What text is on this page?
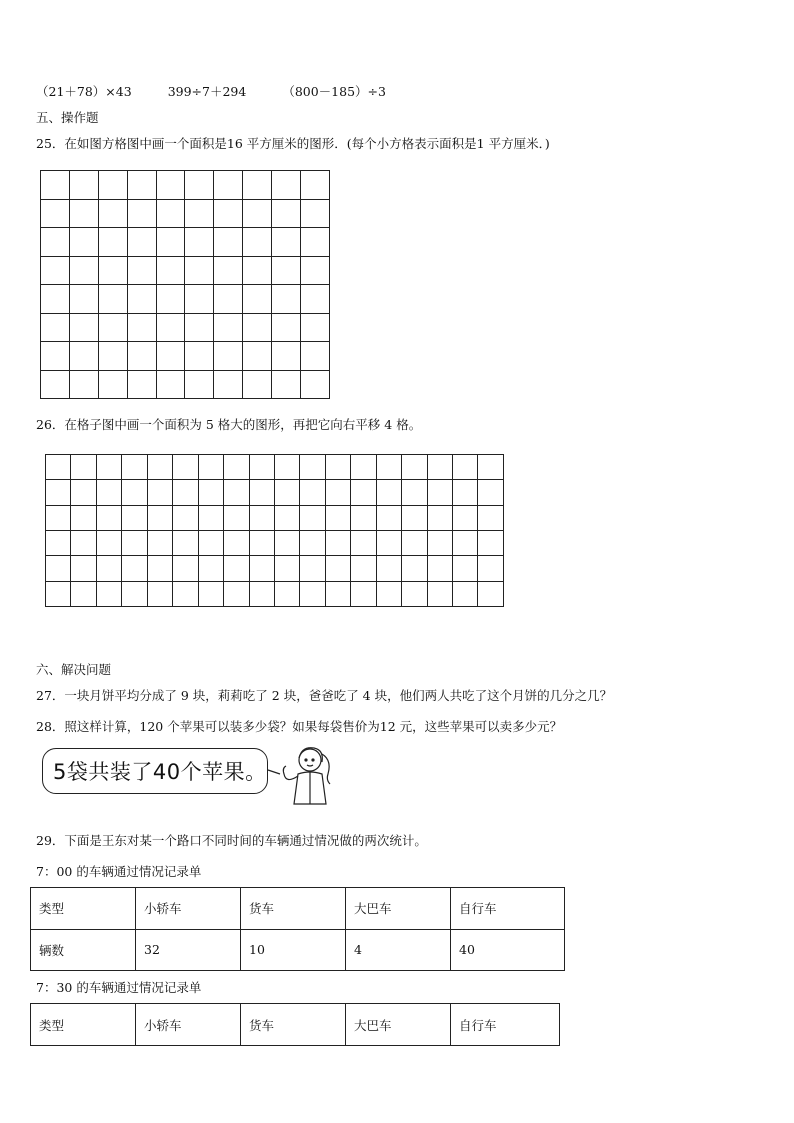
（21＋78）×43	399÷7＋294	（800－185）÷3
五、操作题
25．在如图方格图中画一个面积是16 平方厘米的图形．(每个小方格表示面积是1 平方厘米．)

26．在格子图中画一个面积为 5 格大的图形，再把它向右平移 4 格。

六、解决问题
27．一块月饼平均分成了 9 块，莉莉吃了 2 块，爸爸吃了 4 块，他们两人共吃了这个月饼的几分之几？
28．照这样计算，120 个苹果可以装多少袋？如果每袋售价为12 元，这些苹果可以卖多少元？
5袋共装了40个苹果。
29．下面是王东对某一个路口不同时间的车辆通过情况做的两次统计。
7：00 的车辆通过情况记录单
类型	小轿车	货车	大巴车	自行车
辆数	32	10	4	40
7：30 的车辆通过情况记录单
类型	小轿车	货车	大巴车	自行车
